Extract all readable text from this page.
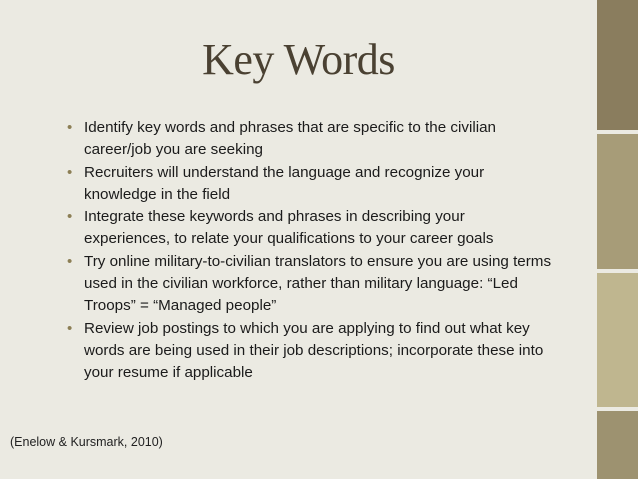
Key Words
• Identify key words and phrases that are specific to the civilian career/job you are seeking
• Recruiters will understand the language and recognize your knowledge in the field
• Integrate these keywords and phrases in describing your experiences, to relate your qualifications to your career goals
• Try online military-to-civilian translators to ensure you are using terms used in the civilian workforce, rather than military language: “Led Troops” = “Managed people”
• Review job postings to which you are applying to find out what key words are being used in their job descriptions; incorporate these into your resume if applicable
(Enelow & Kursmark, 2010)
